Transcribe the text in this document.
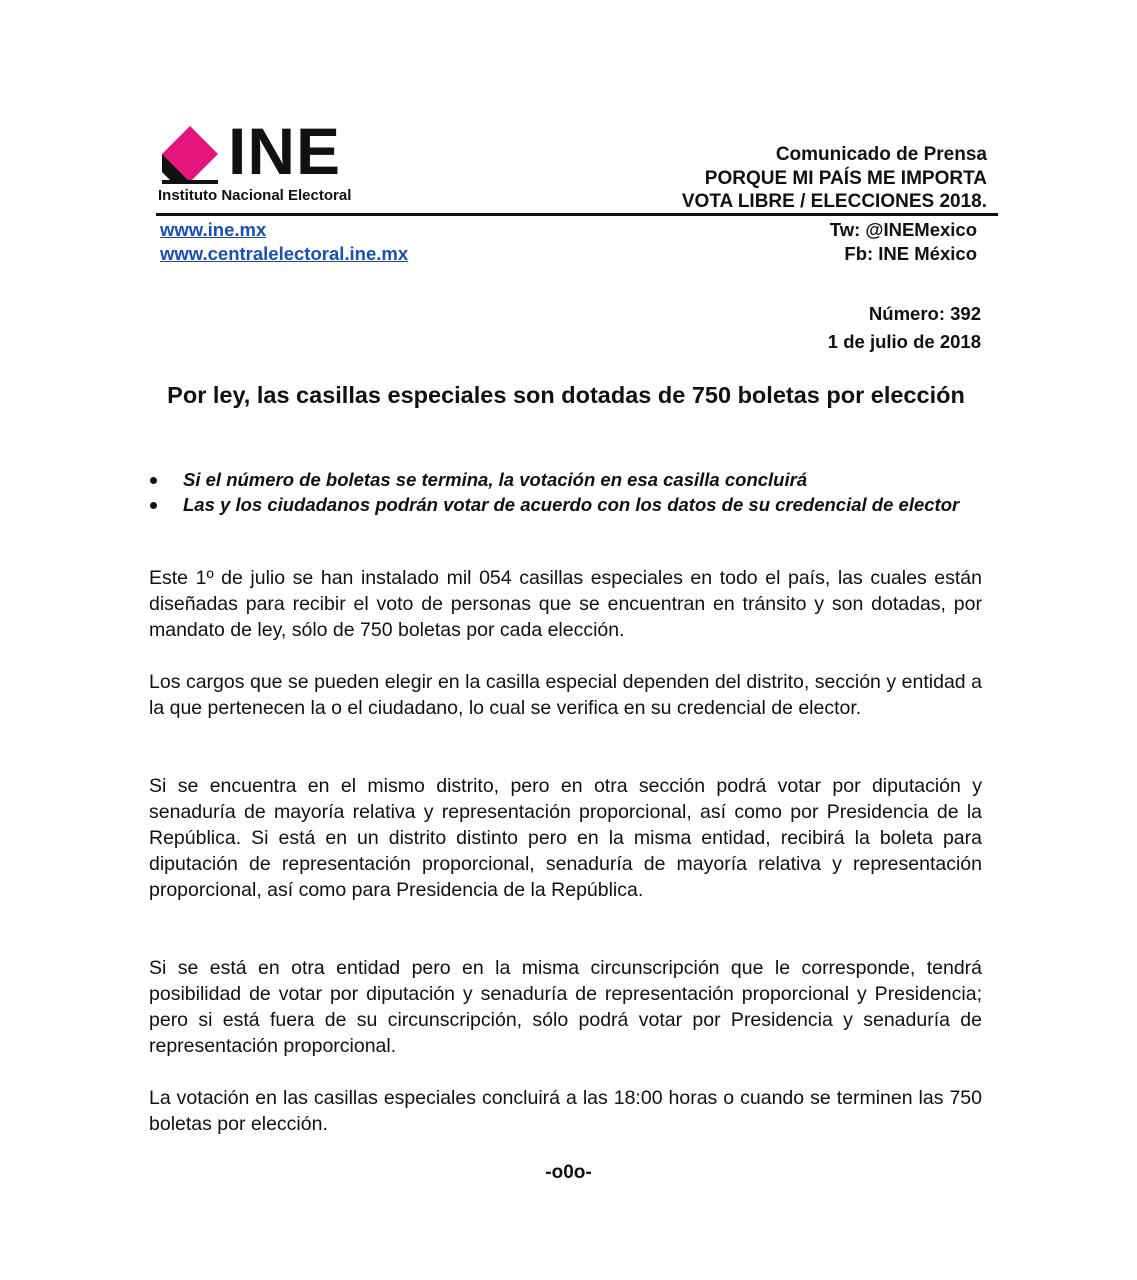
INE
Instituto Nacional Electoral
Comunicado de Prensa
PORQUE MI PAÍS ME IMPORTA
VOTA LIBRE / ELECCIONES 2018.
www.ine.mx
www.centralelectoral.ine.mx
Tw: @INEMexico
Fb: INE México
Número: 392
1 de julio de 2018
Por ley, las casillas especiales son dotadas de 750 boletas por elección
Si el número de boletas se termina, la votación en esa casilla concluirá
Las y los ciudadanos podrán votar de acuerdo con los datos de su credencial de elector
Este 1º de julio se han instalado mil 054 casillas especiales en todo el país, las cuales están diseñadas para recibir el voto de personas que se encuentran en tránsito y son dotadas, por mandato de ley, sólo de 750 boletas por cada elección.
Los cargos que se pueden elegir en la casilla especial dependen del distrito, sección y entidad a la que pertenecen la o el ciudadano, lo cual se verifica en su credencial de elector.
Si se encuentra en el mismo distrito, pero en otra sección podrá votar por diputación y senaduría de mayoría relativa y representación proporcional, así como por Presidencia de la República. Si está en un distrito distinto pero en la misma entidad, recibirá la boleta para diputación de representación proporcional, senaduría de mayoría relativa y representación proporcional, así como para Presidencia de la República.
Si se está en otra entidad pero en la misma circunscripción que le corresponde, tendrá posibilidad de votar por diputación y senaduría de representación proporcional y Presidencia; pero si está fuera de su circunscripción, sólo podrá votar por Presidencia y senaduría de representación proporcional.
La votación en las casillas especiales concluirá a las 18:00 horas o cuando se terminen las 750 boletas por elección.
-o0o-
